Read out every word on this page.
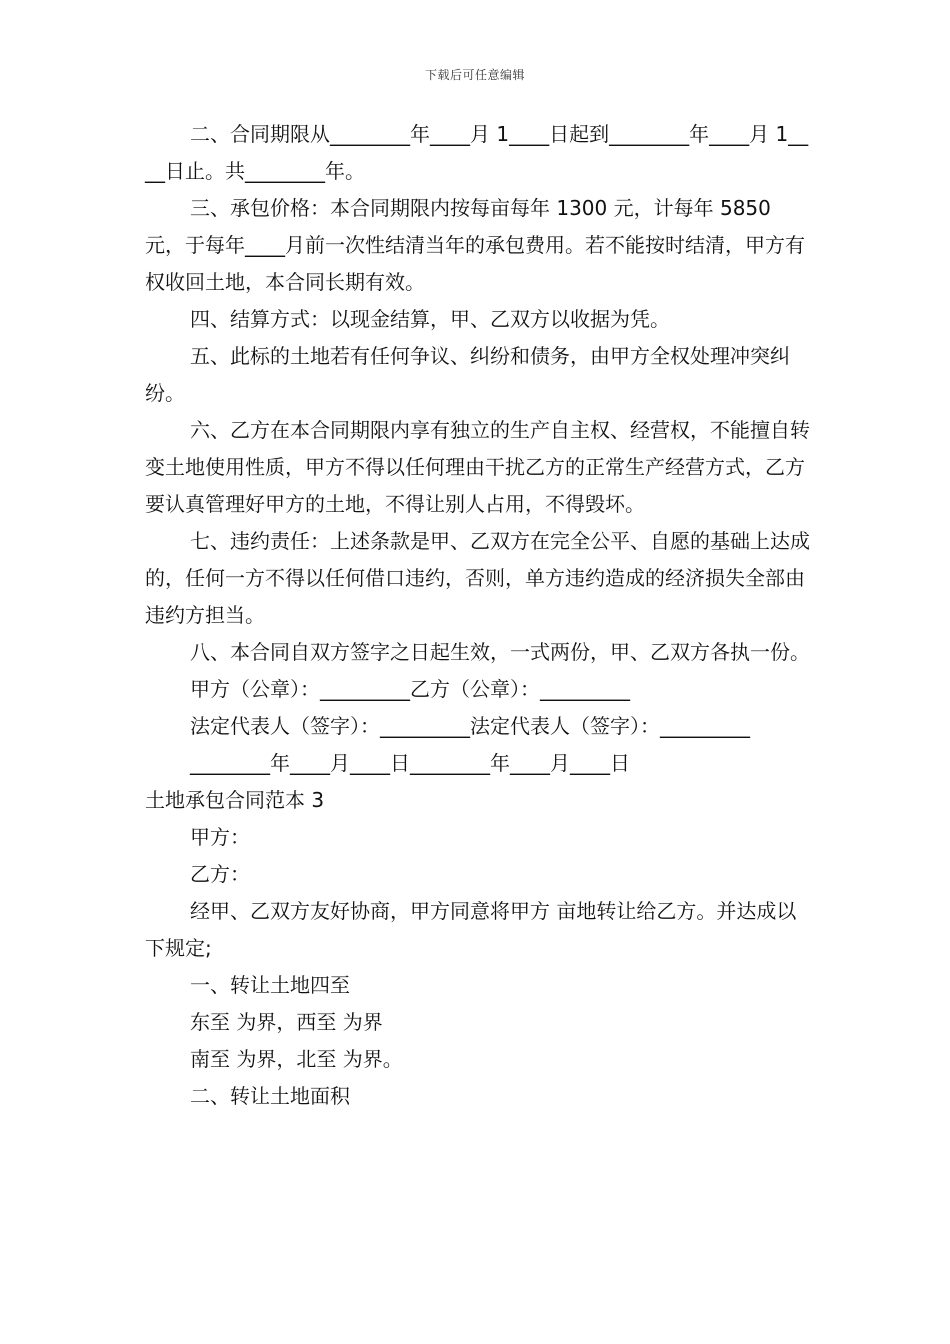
下载后可任意编辑

二、合同期限从________年____月 1____日起到________年____月 1____日止。共________年。

三、承包价格：本合同期限内按每亩每年 1300 元，计每年 5850 元，于每年____月前一次性结清当年的承包费用。若不能按时结清，甲方有权收回土地，本合同长期有效。

四、结算方式：以现金结算，甲、乙双方以收据为凭。

五、此标的土地若有任何争议、纠纷和债务，由甲方全权处理冲突纠纷。

六、乙方在本合同期限内享有独立的生产自主权、经营权，不能擅自转变土地使用性质，甲方不得以任何理由干扰乙方的正常生产经营方式，乙方要认真管理好甲方的土地，不得让别人占用，不得毁坏。

七、违约责任：上述条款是甲、乙双方在完全公平、自愿的基础上达成的，任何一方不得以任何借口违约，否则，单方违约造成的经济损失全部由违约方担当。

八、本合同自双方签字之日起生效，一式两份，甲、乙双方各执一份。

甲方（公章）：_________乙方（公章）：_________

法定代表人（签字）：_________法定代表人（签字）：_________

________年____月____日________年____月____日

土地承包合同范本 3

甲方：

乙方：

经甲、乙双方友好协商，甲方同意将甲方 亩地转让给乙方。并达成以下规定;

一、转让土地四至

东至 为界，西至 为界

南至 为界，北至 为界。

二、转让土地面积
